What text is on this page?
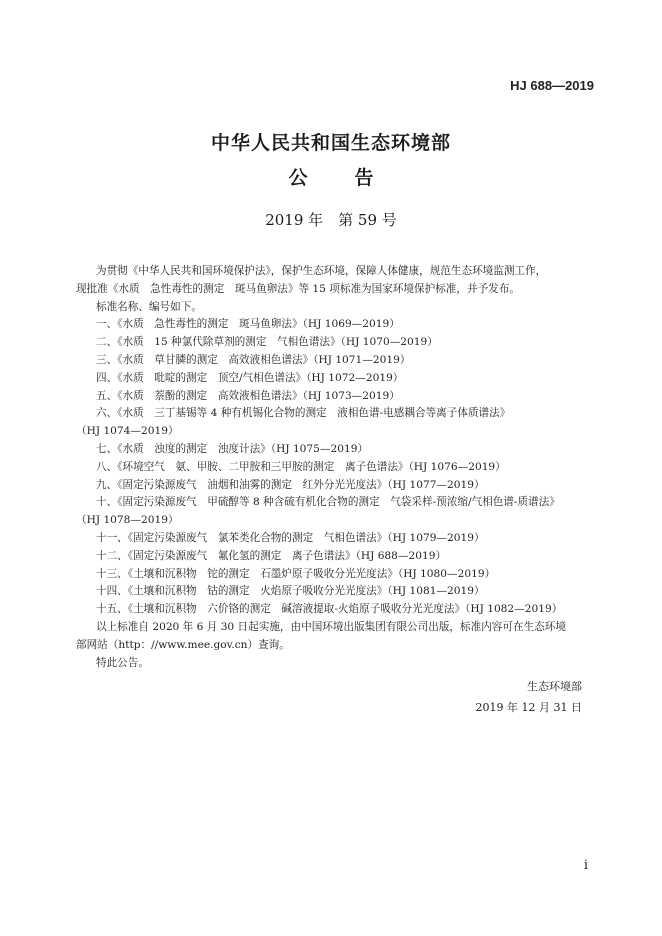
HJ 688—2019
中华人民共和国生态环境部
公　告
2019 年　第 59 号

为贯彻《中华人民共和国环境保护法》，保护生态环境，保障人体健康，规范生态环境监测工作，

现批准《水质　急性毒性的测定　斑马鱼卵法》等 15 项标准为国家环境保护标准，并予发布。

标准名称、编号如下。

一、《水质　急性毒性的测定　斑马鱼卵法》（HJ 1069—2019）

二、《水质　15 种氯代除草剂的测定　气相色谱法》（HJ 1070—2019）

三、《水质　草甘膦的测定　高效液相色谱法》（HJ 1071—2019）

四、《水质　吡啶的测定　顶空/气相色谱法》（HJ 1072—2019）

五、《水质　萘酚的测定　高效液相色谱法》（HJ 1073—2019）

六、《水质　三丁基锡等 4 种有机锡化合物的测定　液相色谱-电感耦合等离子体质谱法》

（HJ 1074—2019）

七、《水质　浊度的测定　浊度计法》（HJ 1075—2019）

八、《环境空气　氨、甲胺、二甲胺和三甲胺的测定　离子色谱法》（HJ 1076—2019）

九、《固定污染源废气　油烟和油雾的测定　红外分光光度法》（HJ 1077—2019）

十、《固定污染源废气　甲硫醇等 8 种含硫有机化合物的测定　气袋采样-预浓缩/气相色谱-质谱法》

（HJ 1078—2019）

十一、《固定污染源废气　氯苯类化合物的测定　气相色谱法》（HJ 1079—2019）

十二、《固定污染源废气　氟化氢的测定　离子色谱法》（HJ 688—2019）

十三、《土壤和沉积物　铊的测定　石墨炉原子吸收分光光度法》（HJ 1080—2019）

十四、《土壤和沉积物　钴的测定　火焰原子吸收分光光度法》（HJ 1081—2019）

十五、《土壤和沉积物　六价铬的测定　碱溶液提取-火焰原子吸收分光光度法》（HJ 1082—2019）

以上标准自 2020 年 6 月 30 日起实施，由中国环境出版集团有限公司出版，标准内容可在生态环境

部网站（http：//www.mee.gov.cn）查询。

特此公告。

生态环境部

2019 年 12 月 31 日

i
